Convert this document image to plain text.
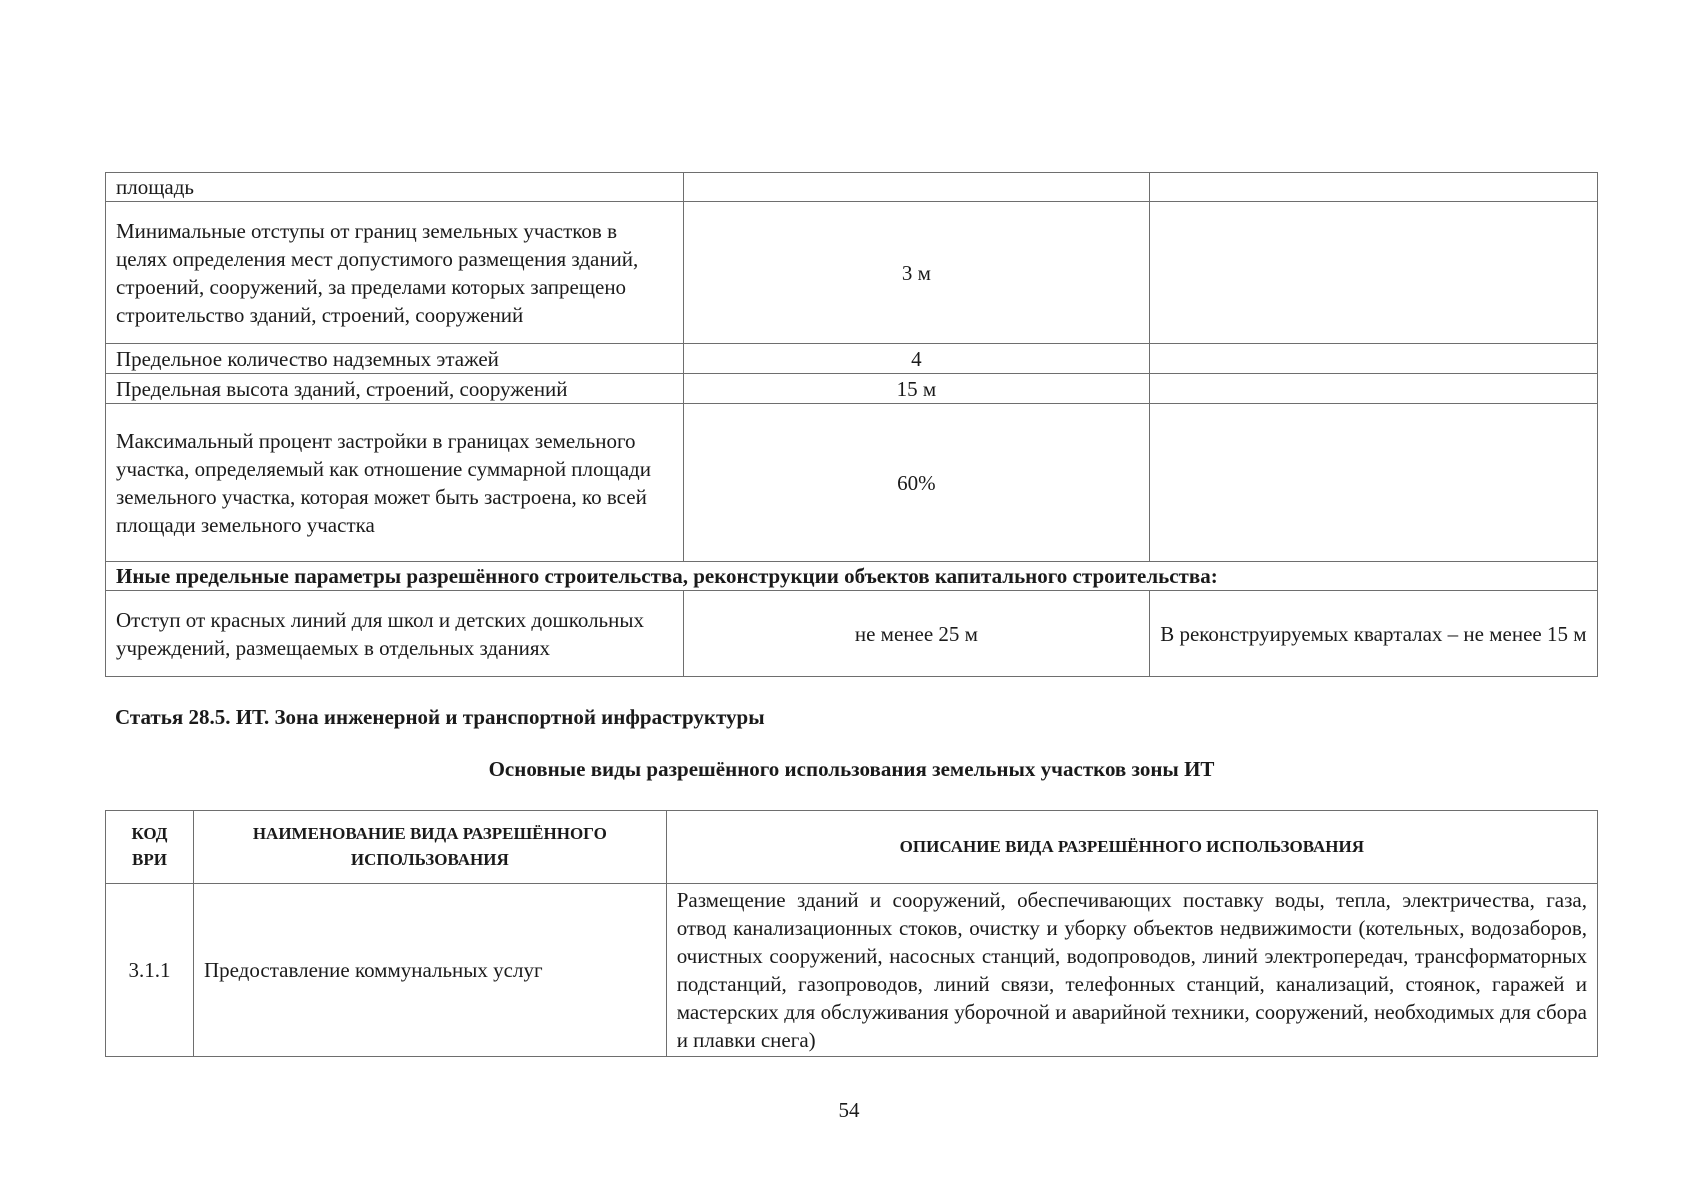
площадь		
Минимальные отступы от границ земельных участков в целях определения мест допустимого размещения зданий, строений, сооружений, за пределами которых запрещено строительство зданий, строений, сооружений	3 м	
Предельное количество надземных этажей	4	
Предельная высота зданий, строений, сооружений	15 м	
Максимальный процент застройки в границах земельного участка, определяемый как отношение суммарной площади земельного участка, которая может быть застроена, ко всей площади земельного участка	60%	
Иные предельные параметры разрешённого строительства, реконструкции объектов капитального строительства:		
Отступ от красных линий для школ и детских дошкольных учреждений, размещаемых в отдельных зданиях	не менее 25 м	В реконструируемых кварталах – не менее 15 м

Статья 28.5. ИТ. Зона инженерной и транспортной инфраструктуры

Основные виды разрешённого использования земельных участков зоны ИТ

КОД ВРИ	НАИМЕНОВАНИЕ ВИДА РАЗРЕШЁННОГО ИСПОЛЬЗОВАНИЯ	ОПИСАНИЕ ВИДА РАЗРЕШЁННОГО ИСПОЛЬЗОВАНИЯ
3.1.1	Предоставление коммунальных услуг	Размещение зданий и сооружений, обеспечивающих поставку воды, тепла, электричества, газа, отвод канализационных стоков, очистку и уборку объектов недвижимости (котельных, водозаборов, очистных сооружений, насосных станций, водопроводов, линий электропередач, трансформаторных подстанций, газопроводов, линий связи, телефонных станций, канализаций, стоянок, гаражей и мастерских для обслуживания уборочной и аварийной техники, сооружений, необходимых для сбора и плавки снега)
54
